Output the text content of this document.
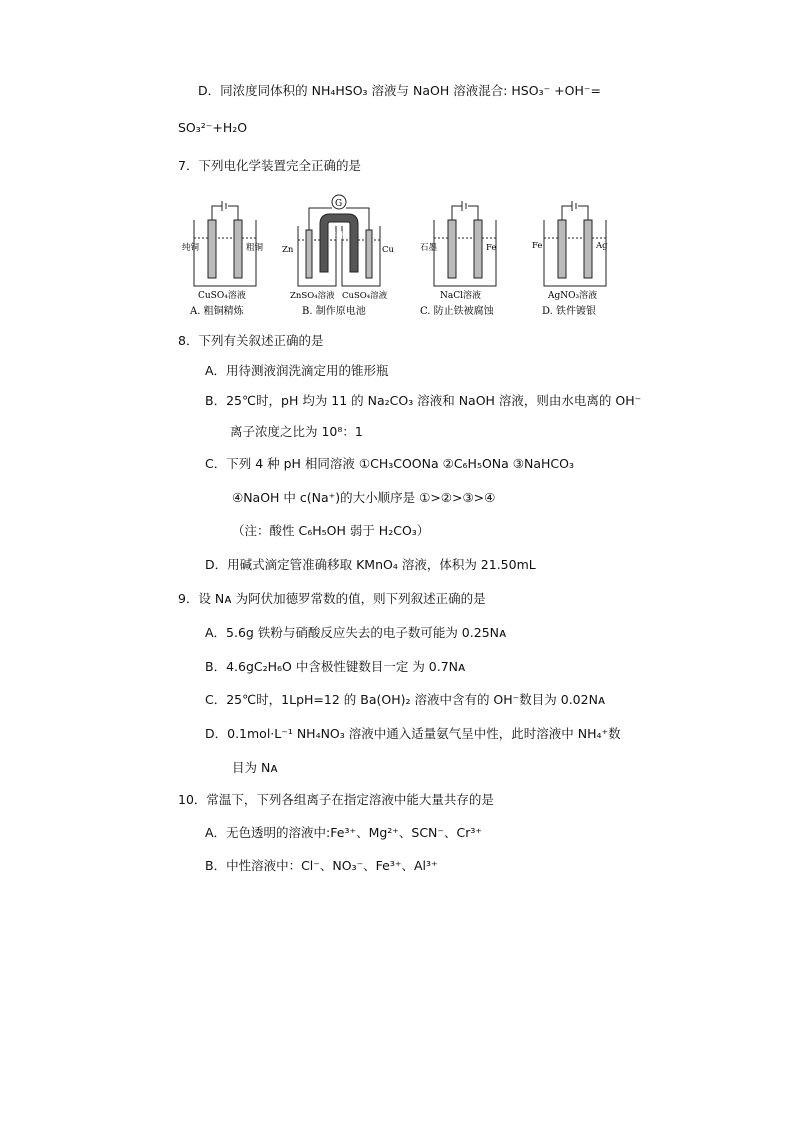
D．同浓度同体积的 NH₄HSO₃ 溶液与 NaOH 溶液混合: HSO₃⁻ +OH⁻=
SO₃²⁻+H₂O
7．下列电化学装置完全正确的是
纯铜	粗铜
CuSO₄溶液
A. 粗铜精炼
G
盐桥
Zn	Cu
ZnSO₄溶液 CuSO₄溶液
B. 制作原电池
石墨	Fe
NaCl溶液
C. 防止铁被腐蚀
Fe	Ag
AgNO₃溶液
D. 铁件镀银
8．下列有关叙述正确的是
A．用待测液润洗滴定用的锥形瓶
B．25℃时，pH 均为 11 的 Na₂CO₃ 溶液和 NaOH 溶液，则由水电离的 OH⁻
离子浓度之比为 10⁸：1
C．下列 4 种 pH 相同溶液 ①CH₃COONa ②C₆H₅ONa ③NaHCO₃
④NaOH 中 c(Na⁺)的大小顺序是 ①>②>③>④
（注：酸性 C₆H₅OH 弱于 H₂CO₃）
D．用碱式滴定管准确移取 KMnO₄ 溶液，体积为 21.50mL
9．设 Nᴀ 为阿伏加德罗常数的值，则下列叙述正确的是
A．5.6g 铁粉与硝酸反应失去的电子数可能为 0.25Nᴀ
B．4.6gC₂H₆O 中含极性键数目一定 为 0.7Nᴀ
C．25℃时，1LpH=12 的 Ba(OH)₂ 溶液中含有的 OH⁻数目为 0.02Nᴀ
D．0.1mol·L⁻¹ NH₄NO₃ 溶液中通入适量氨气呈中性，此时溶液中 NH₄⁺数
目为 Nᴀ
10．常温下，下列各组离子在指定溶液中能大量共存的是
A．无色透明的溶液中:Fe³⁺、Mg²⁺、SCN⁻、Cr³⁺
B．中性溶液中：Cl⁻、NO₃⁻、Fe³⁺、Al³⁺
